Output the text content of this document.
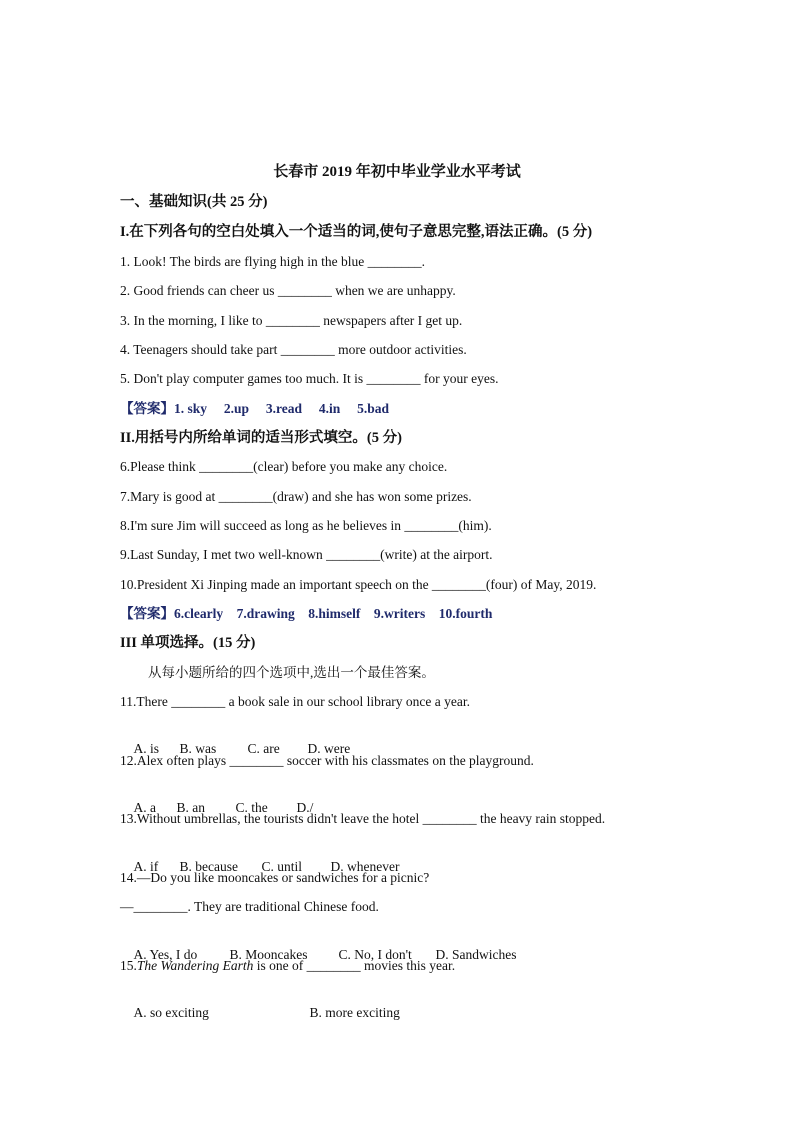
长春市 2019 年初中毕业学业水平考试
一、基础知识(共 25 分)
I.在下列各句的空白处填入一个适当的词,使句子意思完整,语法正确。(5 分)
1. Look! The birds are flying high in the blue ________.
2. Good friends can cheer us ________ when we are unhappy.
3. In the morning, I like to ________ newspapers after I get up.
4. Teenagers should take part ________ more outdoor activities.
5. Don't play computer games too much. It is ________ for your eyes.
【答案】1. sky     2.up     3.read     4.in     5.bad
II.用括号内所给单词的适当形式填空。(5 分)
6.Please think ________(clear) before you make any choice.
7.Mary is good at ________(draw) and she has won some prizes.
8.I'm sure Jim will succeed as long as he believes in ________(him).
9.Last Sunday, I met two well-known ________(write) at the airport.
10.President Xi Jinping made an important speech on the ________(four) of May, 2019.
【答案】6.clearly    7.drawing    8.himself    9.writers    10.fourth
III 单项选择。(15 分)
从每小题所给的四个选项中,选出一个最佳答案。
11.There ________ a book sale in our school library once a year.

A. is B. was C. are D. were

12.Alex often plays ________ soccer with his classmates on the playground.

A. a B. an C. the D./

13.Without umbrellas, the tourists didn't leave the hotel ________ the heavy rain stopped.

A. if B. because C. until D. whenever

14.—Do you like mooncakes or sandwiches for a picnic?
—________. They are traditional Chinese food.

A. Yes, I do B. Mooncakes C. No, I don't D. Sandwiches

15.The Wandering Earth is one of ________ movies this year.

A. so exciting	B. more exciting
